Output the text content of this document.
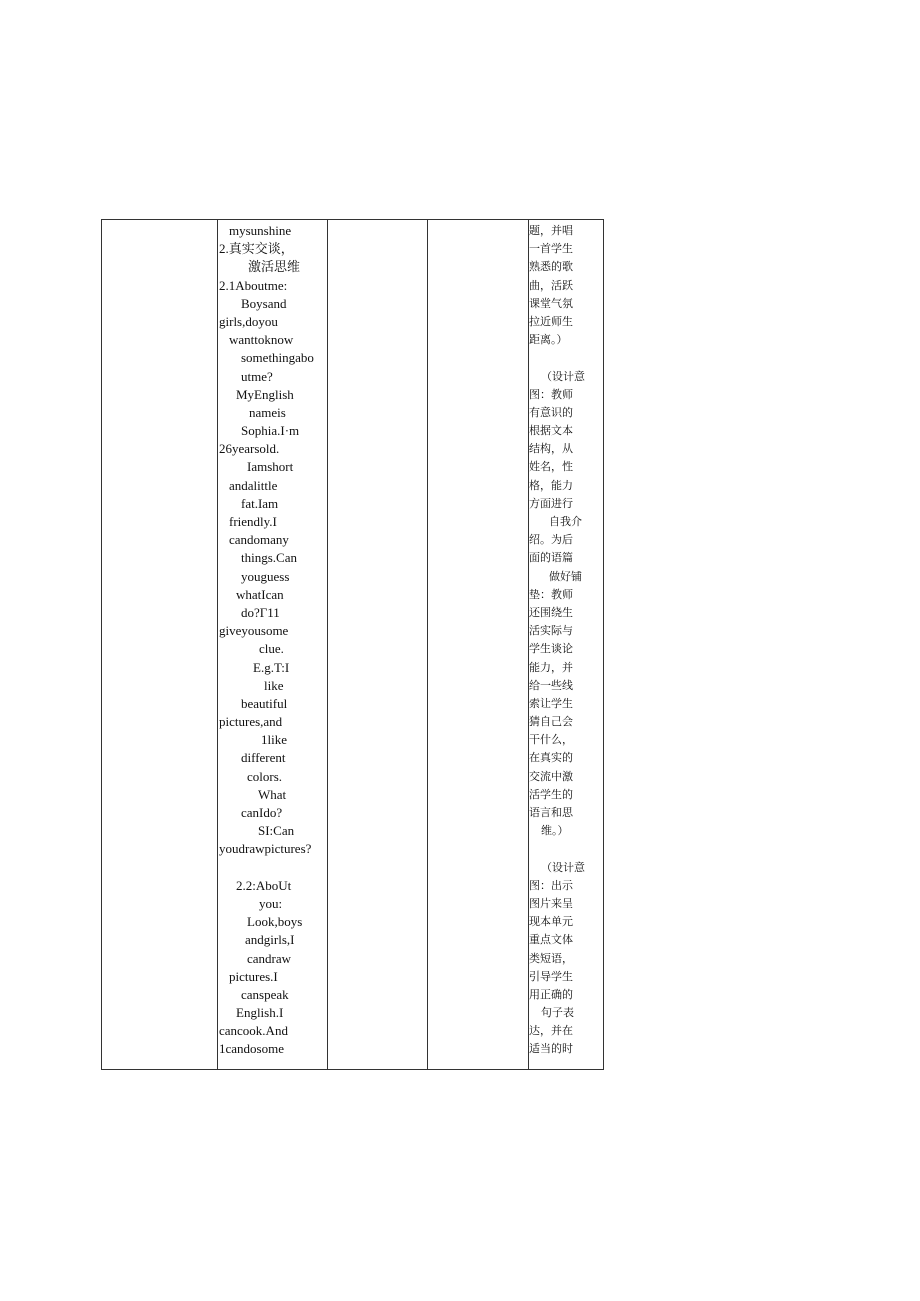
mysunshine
2.真实交谈，
激活思维
2.1Aboutme:
Boysand
girls,doyou
wanttoknow
somethingabo
utme?
MyEnglish
nameis
Sophia.I·m
26yearsold.
Iamshort
andalittle
fat.Iam
friendly.I
candomany
things.Can
youguess
whatIcan
do?Γ11
giveyousome
clue.
E.g.T:I
like
beautiful
pictures,and
1like
different
colors.
What
canIdo?
SI:Can
youdrawpictures?
2.2:AboUt
you:
Look,boys
andgirls,I
candraw
pictures.I
canspeak
English.I
cancook.And
1candosome
题，并唱
一首学生
熟悉的歌
曲，活跃
课堂气氛
拉近师生
距离。）
（设计意
图：教师
有意识的
根据文本
结构，从
姓名，性
格，能力
方面进行
自我介
绍。为后
面的语篇
做好铺
垫：教师
还围绕生
活实际与
学生谈论
能力，并
给一些线
索让学生
猜自己会
干什么，
在真实的
交流中激
活学生的
语言和思
维。）
（设计意
图：出示
图片来呈
现本单元
重点文体
类短语，
引导学生
用正确的
句子表
达，并在
适当的时
